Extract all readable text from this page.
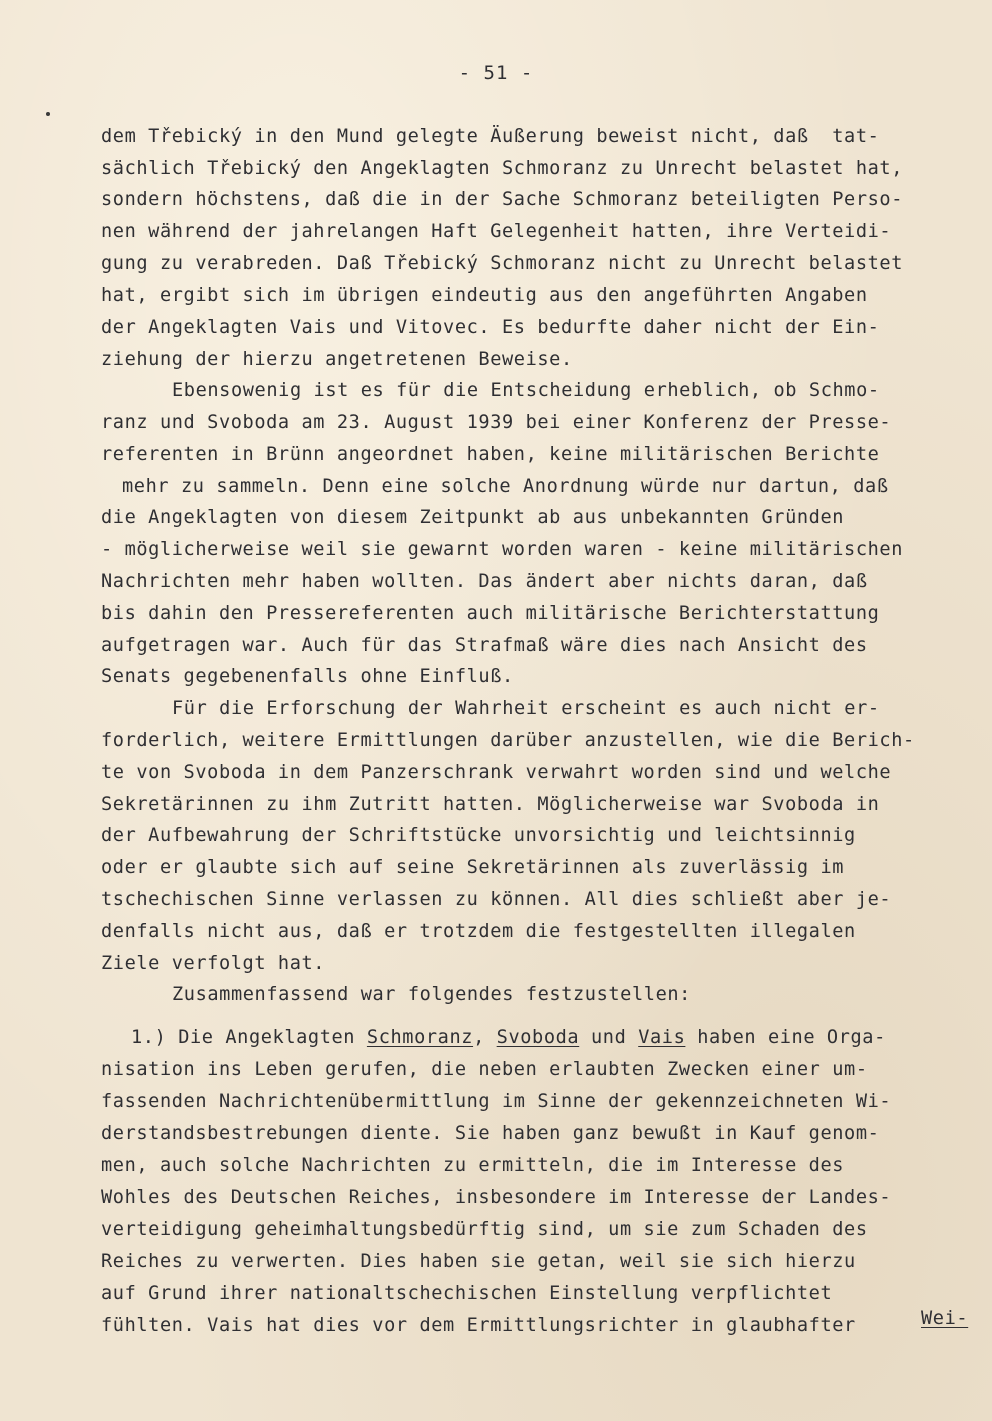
- 51 -
dem Třebický in den Mund gelegte Äußerung beweist nicht, daß  tat-
sächlich Třebický den Angeklagten Schmoranz zu Unrecht belastet hat,
sondern höchstens, daß die in der Sache Schmoranz beteiligten Perso-
nen während der jahrelangen Haft Gelegenheit hatten, ihre Verteidi-
gung zu verabreden. Daß Třebický Schmoranz nicht zu Unrecht belastet
hat, ergibt sich im übrigen eindeutig aus den angeführten Angaben
der Angeklagten Vais und Vitovec. Es bedurfte daher nicht der Ein-
ziehung der hierzu angetretenen Beweise.
Ebensowenig ist es für die Entscheidung erheblich, ob Schmo-
ranz und Svoboda am 23. August 1939 bei einer Konferenz der Presse-
referenten in Brünn angeordnet haben, keine militärischen Berichte
mehr zu sammeln. Denn eine solche Anordnung würde nur dartun, daß
die Angeklagten von diesem Zeitpunkt ab aus unbekannten Gründen
- möglicherweise weil sie gewarnt worden waren - keine militärischen
Nachrichten mehr haben wollten. Das ändert aber nichts daran, daß
bis dahin den Pressereferenten auch militärische Berichterstattung
aufgetragen war. Auch für das Strafmaß wäre dies nach Ansicht des
Senats gegebenenfalls ohne Einfluß.
Für die Erforschung der Wahrheit erscheint es auch nicht er-
forderlich, weitere Ermittlungen darüber anzustellen, wie die Berich-
te von Svoboda in dem Panzerschrank verwahrt worden sind und welche
Sekretärinnen zu ihm Zutritt hatten. Möglicherweise war Svoboda in
der Aufbewahrung der Schriftstücke unvorsichtig und leichtsinnig
oder er glaubte sich auf seine Sekretärinnen als zuverlässig im
tschechischen Sinne verlassen zu können. All dies schließt aber je-
denfalls nicht aus, daß er trotzdem die festgestellten illegalen
Ziele verfolgt hat.
Zusammenfassend war folgendes festzustellen:
1.) Die Angeklagten Schmoranz, Svoboda und Vais haben eine Orga-
nisation ins Leben gerufen, die neben erlaubten Zwecken einer um-
fassenden Nachrichtenübermittlung im Sinne der gekennzeichneten Wi-
derstandsbestrebungen diente. Sie haben ganz bewußt in Kauf genom-
men, auch solche Nachrichten zu ermitteln, die im Interesse des
Wohles des Deutschen Reiches, insbesondere im Interesse der Landes-
verteidigung geheimhaltungsbedürftig sind, um sie zum Schaden des
Reiches zu verwerten. Dies haben sie getan, weil sie sich hierzu
auf Grund ihrer nationaltschechischen Einstellung verpflichtet
fühlten. Vais hat dies vor dem Ermittlungsrichter in glaubhafter	Wei-
